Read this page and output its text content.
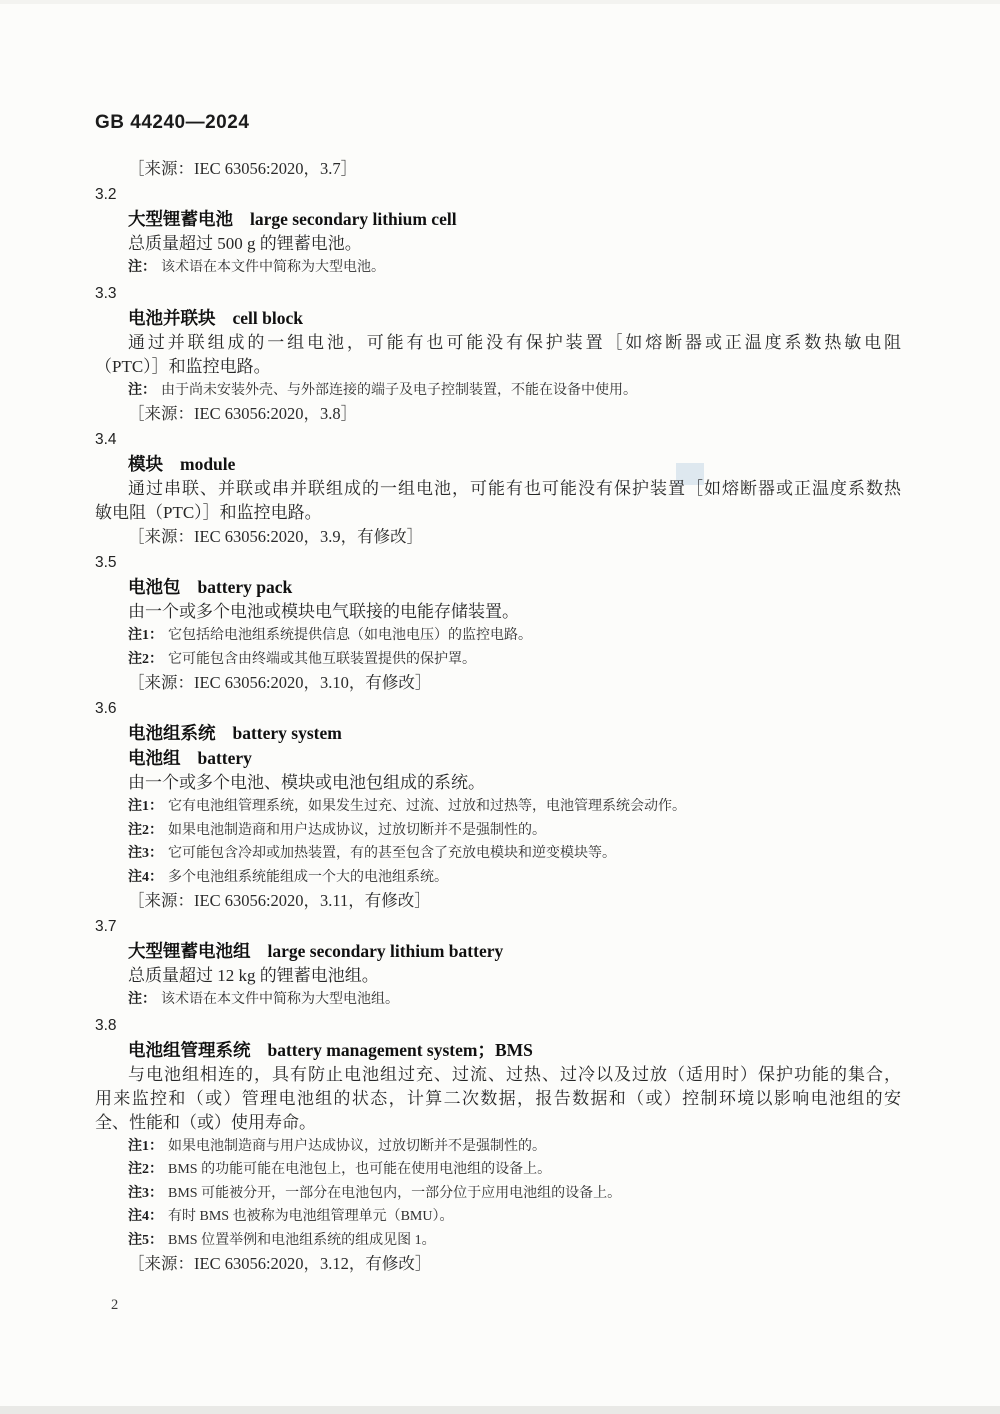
GB 44240—2024
［来源：IEC 63056:2020，3.7］
3.2
大型锂蓄电池 large secondary lithium cell
总质量超过 500 g 的锂蓄电池。
注： 该术语在本文件中简称为大型电池。
3.3
电池并联块 cell block
通过并联组成的一组电池，可能有也可能没有保护装置［如熔断器或正温度系数热敏电阻
（PTC）］和监控电路。
注： 由于尚未安装外壳、与外部连接的端子及电子控制装置，不能在设备中使用。
［来源：IEC 63056:2020，3.8］
3.4
模块 module
通过串联、并联或串并联组成的一组电池，可能有也可能没有保护装置［如熔断器或正温度系数热
敏电阻（PTC）］和监控电路。
［来源：IEC 63056:2020，3.9，有修改］
3.5
电池包 battery pack
由一个或多个电池或模块电气联接的电能存储装置。
注1： 它包括给电池组系统提供信息（如电池电压）的监控电路。
注2： 它可能包含由终端或其他互联装置提供的保护罩。
［来源：IEC 63056:2020，3.10，有修改］
3.6
电池组系统 battery system
电池组 battery
由一个或多个电池、模块或电池包组成的系统。
注1： 它有电池组管理系统，如果发生过充、过流、过放和过热等，电池管理系统会动作。
注2： 如果电池制造商和用户达成协议，过放切断并不是强制性的。
注3： 它可能包含冷却或加热装置，有的甚至包含了充放电模块和逆变模块等。
注4： 多个电池组系统能组成一个大的电池组系统。
［来源：IEC 63056:2020，3.11，有修改］
3.7
大型锂蓄电池组 large secondary lithium battery
总质量超过 12 kg 的锂蓄电池组。
注： 该术语在本文件中简称为大型电池组。
3.8
电池组管理系统 battery management system；BMS
与电池组相连的，具有防止电池组过充、过流、过热、过冷以及过放（适用时）保护功能的集合，
用来监控和（或）管理电池组的状态，计算二次数据，报告数据和（或）控制环境以影响电池组的安
全、性能和（或）使用寿命。
注1： 如果电池制造商与用户达成协议，过放切断并不是强制性的。
注2： BMS 的功能可能在电池包上，也可能在使用电池组的设备上。
注3： BMS 可能被分开，一部分在电池包内，一部分位于应用电池组的设备上。
注4： 有时 BMS 也被称为电池组管理单元（BMU）。
注5： BMS 位置举例和电池组系统的组成见图 1。
［来源：IEC 63056:2020，3.12，有修改］
2
